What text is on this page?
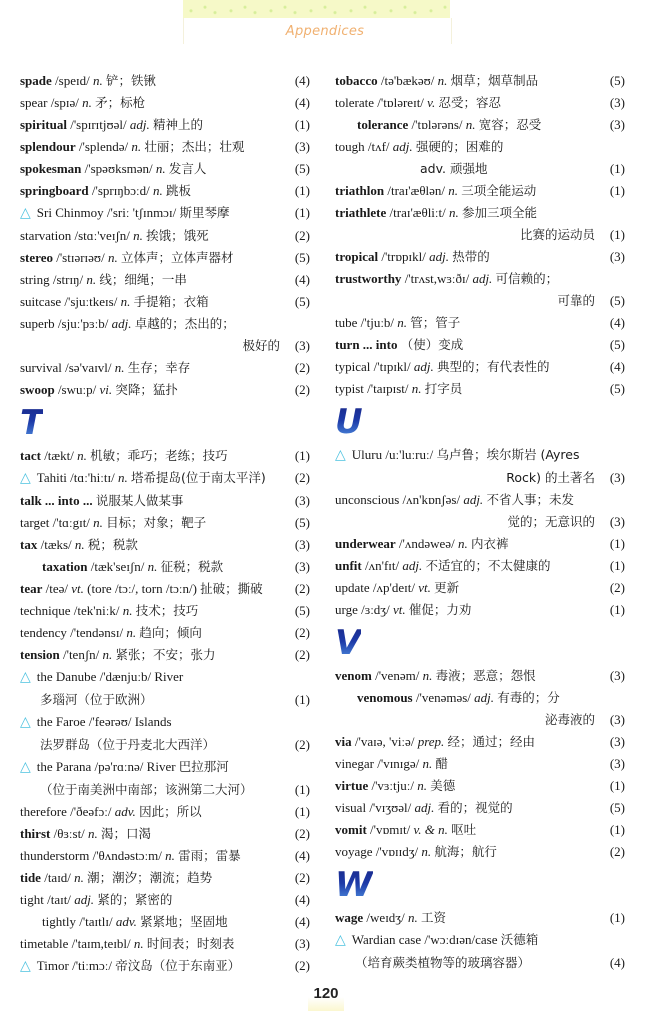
Appendices
spade /speɪd/ n. 铲；铁锹	(4)
spear /spɪə/ n. 矛；标枪	(4)
spiritual /'spɪrɪtjʊəl/ adj. 精神上的	(1)
splendour /'splendə/ n. 壮丽；杰出；壮观	(3)
spokesman /'spəʊksmən/ n. 发言人	(5)
springboard /'sprɪŋbɔːd/ n. 跳板	(1)
△ Sri Chinmoy /'sriː 'tʃɪnmɔɪ/ 斯里琴摩	(1)
starvation /stɑː'veɪʃn/ n. 挨饿；饿死	(2)
stereo /'stɪərɪəʊ/ n. 立体声；立体声器材	(5)
string /strɪŋ/ n. 线；细绳；一串	(4)
suitcase /'sjuːtkeɪs/ n. 手提箱；衣箱	(5)
superb /sjuː'pɜːb/ adj. 卓越的；杰出的；
极好的	(3)
survival /sə'vaɪvl/ n. 生存；幸存	(2)
swoop /swuːp/ vi. 突降；猛扑	(2)
T
tact /tækt/ n. 机敏；乖巧；老练；技巧	(1)
△ Tahiti /tɑː'hiːtɪ/ n. 塔希提岛(位于南太平洋)	(2)
talk ... into ... 说服某人做某事	(3)
target /'tɑːgɪt/ n. 目标；对象；靶子	(5)
tax /tæks/ n. 税；税款	(3)
taxation /tæk'seɪʃn/ n. 征税；税款	(3)
tear /teə/ vt. (tore /tɔː/, torn /tɔːn/) 扯破；撕破	(2)
technique /tek'niːk/ n. 技术；技巧	(5)
tendency /'tendənsɪ/ n. 趋向；倾向	(2)
tension /'tenʃn/ n. 紧张；不安；张力	(2)
△ the Danube /'dænjuːb/ River
多瑙河（位于欧洲）	(1)
△ the Faroe /'feərəʊ/ Islands
法罗群岛（位于丹麦北大西洋）	(2)
△ the Parana /pə'rɑːnə/ River 巴拉那河
（位于南美洲中南部；该洲第二大河）	(1)
therefore /'ðeəfɔː/ adv. 因此；所以	(1)
thirst /θɜːst/ n. 渴；口渴	(2)
thunderstorm /'θʌndəstɔːm/ n. 雷雨；雷暴	(4)
tide /taɪd/ n. 潮；潮汐；潮流；趋势	(2)
tight /taɪt/ adj. 紧的；紧密的	(4)
tightly /'taɪtlɪ/ adv. 紧紧地；坚固地	(4)
timetable /'taɪm,teɪbl/ n. 时间表；时刻表	(3)
△ Timor /'tiːmɔː/ 帝汶岛（位于东南亚）	(2)
tobacco /tə'bækəʊ/ n. 烟草；烟草制品	(5)
tolerate /'tɒləreɪt/ v. 忍受；容忍	(3)
tolerance /'tɒlərəns/ n. 宽容；忍受	(3)
tough /tʌf/ adj. 强硬的；困难的
adv. 顽强地	(1)
triathlon /traɪ'æθlən/ n. 三项全能运动	(1)
triathlete /traɪ'æθliːt/ n. 参加三项全能
比赛的运动员	(1)
tropical /'trɒpɪkl/ adj. 热带的	(3)
trustworthy /'trʌst,wɜːðɪ/ adj. 可信赖的；
可靠的	(5)
tube /'tjuːb/ n. 管；管子	(4)
turn ... into （使）变成	(5)
typical /'tɪpɪkl/ adj. 典型的；有代表性的	(4)
typist /'taɪpɪst/ n. 打字员	(5)
U
△ Uluru /uː'luːruː/ 乌卢鲁；埃尔斯岩 (Ayres
Rock) 的土著名	(3)
unconscious /ʌn'kɒnʃəs/ adj. 不省人事；未发
觉的；无意识的	(3)
underwear /'ʌndəweə/ n. 内衣裤	(1)
unfit /ʌn'fɪt/ adj. 不适宜的；不太健康的	(1)
update /ʌp'deɪt/ vt. 更新	(2)
urge /ɜːdʒ/ vt. 催促；力劝	(1)
V
venom /'venəm/ n. 毒液；恶意；怨恨	(3)
venomous /'venəməs/ adj. 有毒的；分
泌毒液的	(3)
via /'vaɪə, 'viːə/ prep. 经；通过；经由	(3)
vinegar /'vɪnɪgə/ n. 醋	(3)
virtue /'vɜːtjuː/ n. 美德	(1)
visual /'vɪʒʊəl/ adj. 看的；视觉的	(5)
vomit /'vɒmɪt/ v. & n. 呕吐	(1)
voyage /'vɒɪɪdʒ/ n. 航海；航行	(2)
W
wage /weɪdʒ/ n. 工资	(1)
△ Wardian case /'wɔːdɪən/case 沃德箱
（培育蕨类植物等的玻璃容器）	(4)
120
